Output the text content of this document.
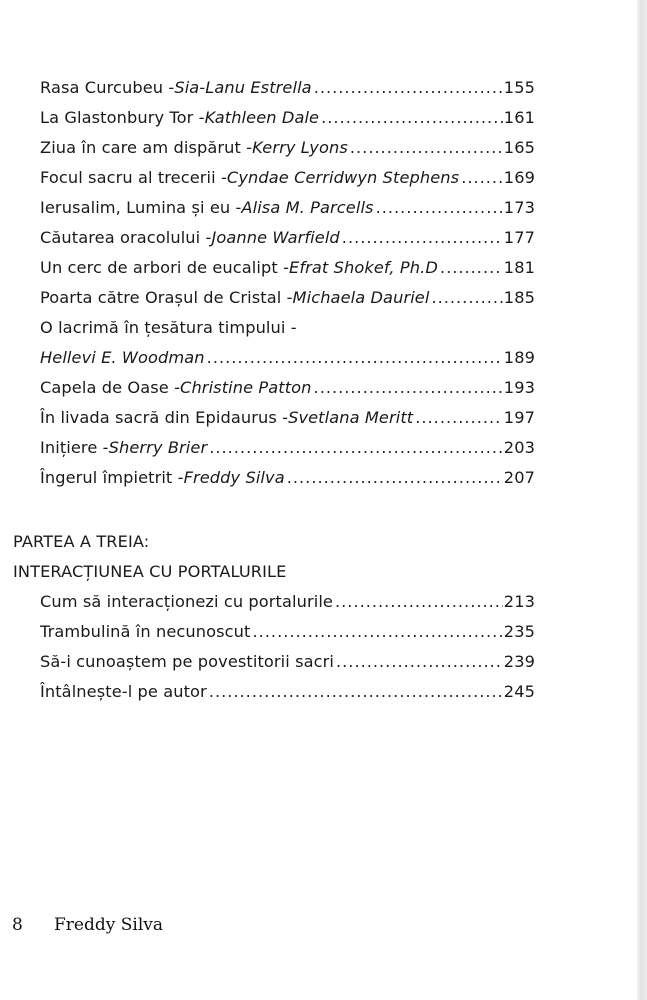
Rasa Curcubeu - Sia-Lanu Estrella .....	155
La Glastonbury Tor - Kathleen Dale .....	161
Ziua în care am dispărut - Kerry Lyons .....	165
Focul sacru al trecerii - Cyndae Cerridwyn Stephens .....	169
Ierusalim, Lumina și eu - Alisa M. Parcells .....	173
Căutarea oracolului - Joanne Warfield .....	177
Un cerc de arbori de eucalipt - Efrat Shokef, Ph.D .....	181
Poarta către Orașul de Cristal - Michaela Dauriel .....	185
O lacrimă în țesătura timpului -
Hellevi E. Woodman .....	189
Capela de Oase - Christine Patton .....	193
În livada sacră din Epidaurus - Svetlana Meritt .....	197
Inițiere - Sherry Brier .....	203
Îngerul împietrit - Freddy Silva .....	207
PARTEA A TREIA:
INTERACȚIUNEA CU PORTALURILE
Cum să interacționezi cu portalurile .....	213
Trambulină în necunoscut .....	235
Să-i cunoaștem pe povestitorii sacri .....	239
Întâlnește-l pe autor .....	245
8	Freddy Silva
